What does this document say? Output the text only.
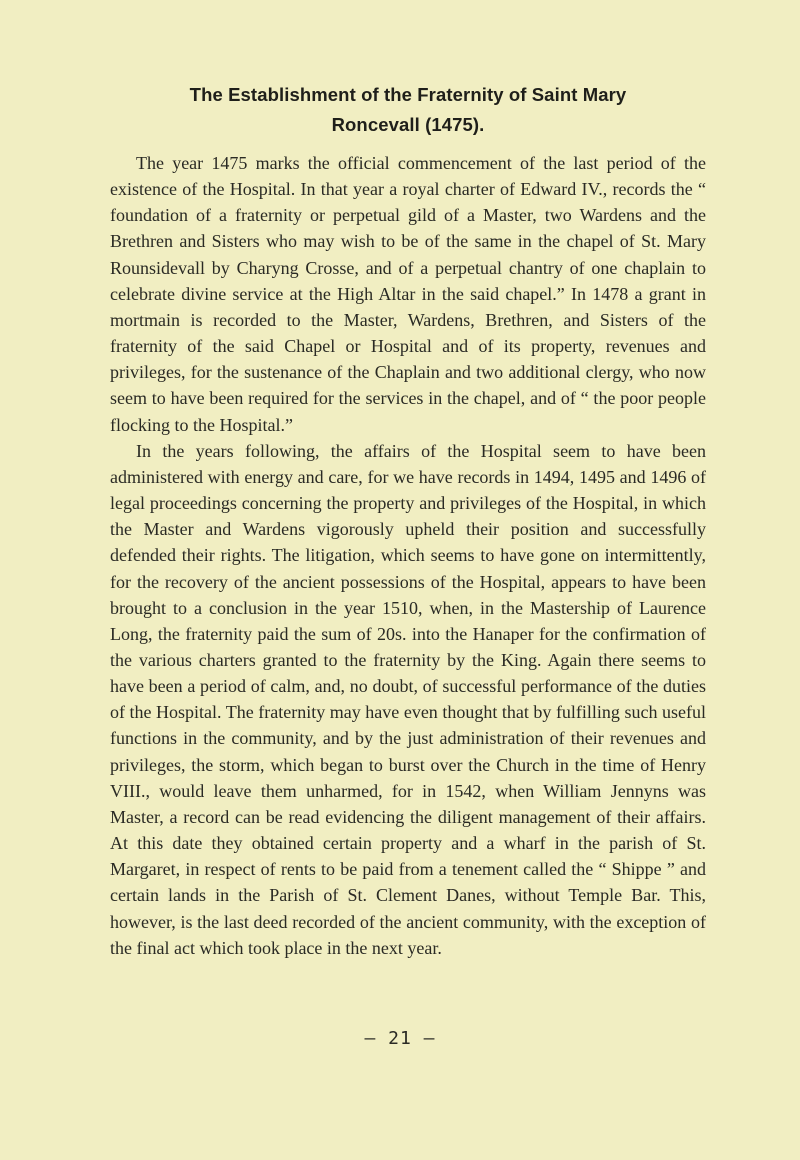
The Establishment of the Fraternity of Saint Mary
Roncevall (1475).

The year 1475 marks the official commencement of the last period of the existence of the Hospital. In that year a royal charter of Edward IV., records the “ foundation of a fraternity or perpetual gild of a Master, two Wardens and the Brethren and Sisters who may wish to be of the same in the chapel of St. Mary Rounsidevall by Charyng Crosse, and of a perpetual chantry of one chaplain to celebrate divine service at the High Altar in the said chapel.” In 1478 a grant in mortmain is recorded to the Master, Wardens, Brethren, and Sisters of the fraternity of the said Chapel or Hospital and of its property, revenues and privileges, for the sustenance of the Chaplain and two additional clergy, who now seem to have been required for the services in the chapel, and of “ the poor people flocking to the Hospital.”

In the years following, the affairs of the Hospital seem to have been administered with energy and care, for we have records in 1494, 1495 and 1496 of legal proceedings concerning the property and privileges of the Hospital, in which the Master and Wardens vigorously upheld their position and successfully defended their rights. The litigation, which seems to have gone on intermittently, for the recovery of the ancient possessions of the Hospital, appears to have been brought to a conclusion in the year 1510, when, in the Mastership of Laurence Long, the fraternity paid the sum of 20s. into the Hanaper for the confirmation of the various charters granted to the fraternity by the King. Again there seems to have been a period of calm, and, no doubt, of successful performance of the duties of the Hospital. The fraternity may have even thought that by fulfilling such useful functions in the community, and by the just administration of their revenues and privileges, the storm, which began to burst over the Church in the time of Henry VIII., would leave them unharmed, for in 1542, when William Jennyns was Master, a record can be read evidencing the diligent management of their affairs. At this date they obtained certain property and a wharf in the parish of St. Margaret, in respect of rents to be paid from a tenement called the “ Shippe ” and certain lands in the Parish of St. Clement Danes, without Temple Bar. This, however, is the last deed recorded of the ancient community, with the exception of the final act which took place in the next year.

— 21 —
